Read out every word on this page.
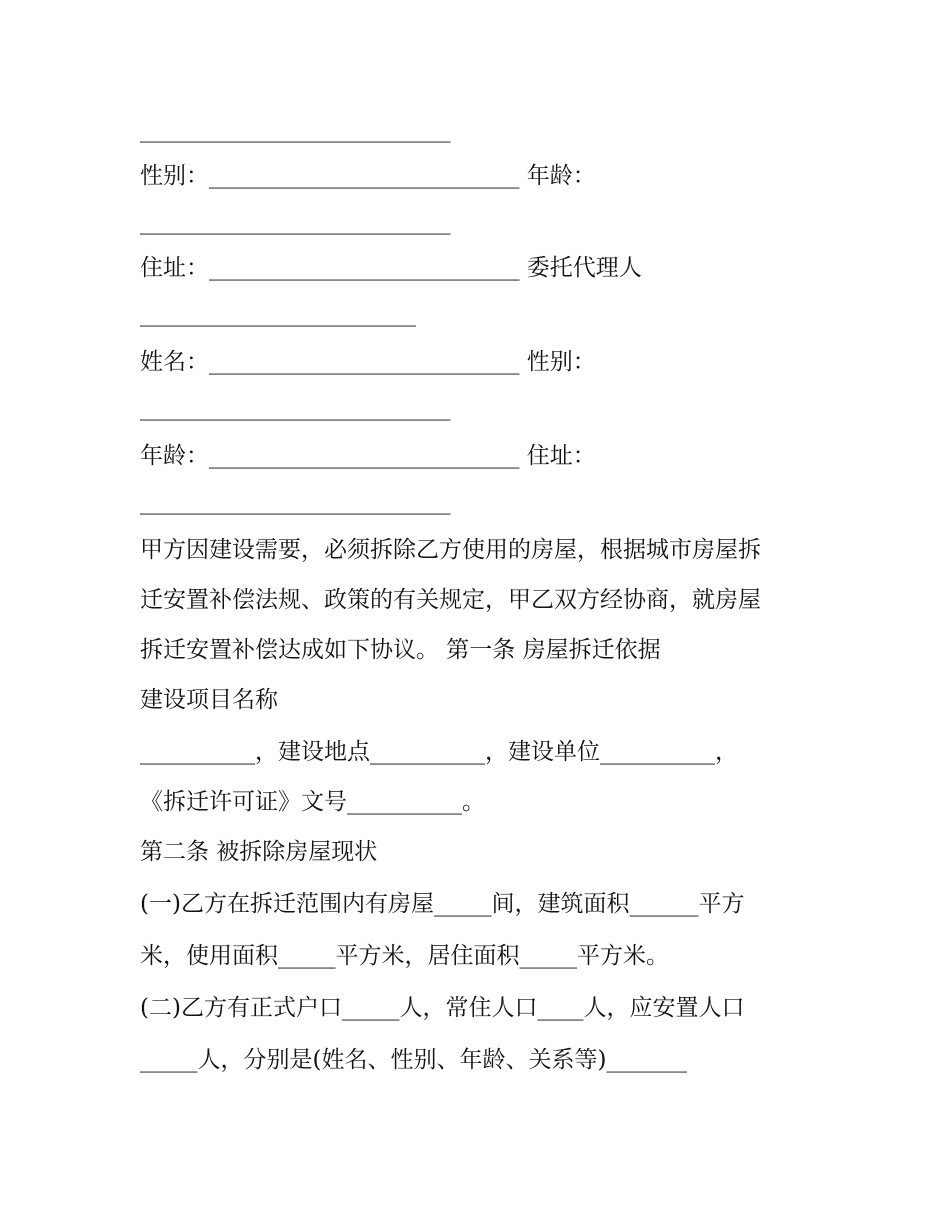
___________________________
性别：___________________________ 年龄：
___________________________
住址：___________________________ 委托代理人
________________________
姓名：___________________________ 性别：
___________________________
年龄：___________________________ 住址：
___________________________
甲方因建设需要，必须拆除乙方使用的房屋，根据城市房屋拆
迁安置补偿法规、政策的有关规定，甲乙双方经协商，就房屋
拆迁安置补偿达成如下协议。 第一条 房屋拆迁依据
建设项目名称
__________，建设地点__________，建设单位__________，
《拆迁许可证》文号__________。
第二条 被拆除房屋现状
(一)乙方在拆迁范围内有房屋_____间，建筑面积______平方
米，使用面积_____平方米，居住面积_____平方米。
(二)乙方有正式户口_____人，常住人口____人，应安置人口
_____人，分别是(姓名、性别、年龄、关系等)_______
